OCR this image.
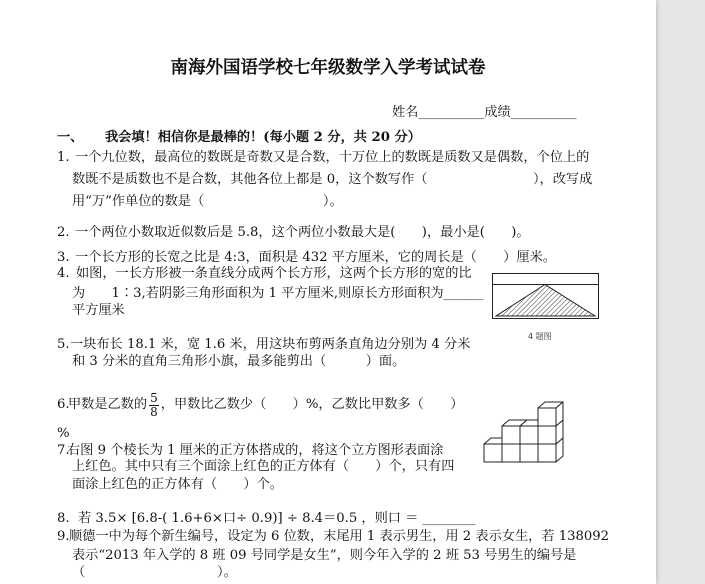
南海外国语学校七年级数学入学考试试卷
姓名__________成绩__________
一、 我会填！相信你是最棒的！(每小题 2 分，共 20 分）
1. 一个九位数，最高位的数既是奇数又是合数，十万位上的数既是质数又是偶数，个位上的
数既不是质数也不是合数，其他各位上都是 0，这个数写作（　　　　　　　　），改写成
用“万”作单位的数是（　　　　　　　　　）。
2. 一个两位小数取近似数后是 5.8，这个两位小数最大是(　　)，最小是(　　)。
3. 一个长方形的长宽之比是 4:3，面积是 432 平方厘米，它的周长是（　　）厘米。
4. 如图，一长方形被一条直线分成两个长方形，这两个长方形的宽的比
为　　1∶3,若阴影三角形面积为 1 平方厘米,则原长方形面积为______
平方厘米
4 题图
5. 一块布长 18.1 米，宽 1.6 米，用这块布剪两条直角边分别为 4 分米
和 3 分米的直角三角形小旗，最多能剪出（　　　）面。
6.
甲数是乙数的 $\frac{5}{8}$ ，甲数比乙数少（　　）%，乙数比甲数多（　　）
%
7.
右图 9 个棱长为 1 厘米的正方体搭成的，将这个立方图形表面涂
上红色。其中只有三个面涂上红色的正方体有（　　）个，只有四
面涂上红色的正方体有（　　）个。
8. 若 3.5× [6.8-( 1.6+6×口÷ 0.9)] ÷ 8.4＝0.5 ，则口 ＝ ________
9. 顺德一中为每个新生编号，设定为 6 位数，末尾用 1 表示男生，用 2 表示女生，若 138092
表示“2013 年入学的 8 班 09 号同学是女生”，则今年入学的 2 班 53 号男生的编号是
（　　　　　　　　　　）。
